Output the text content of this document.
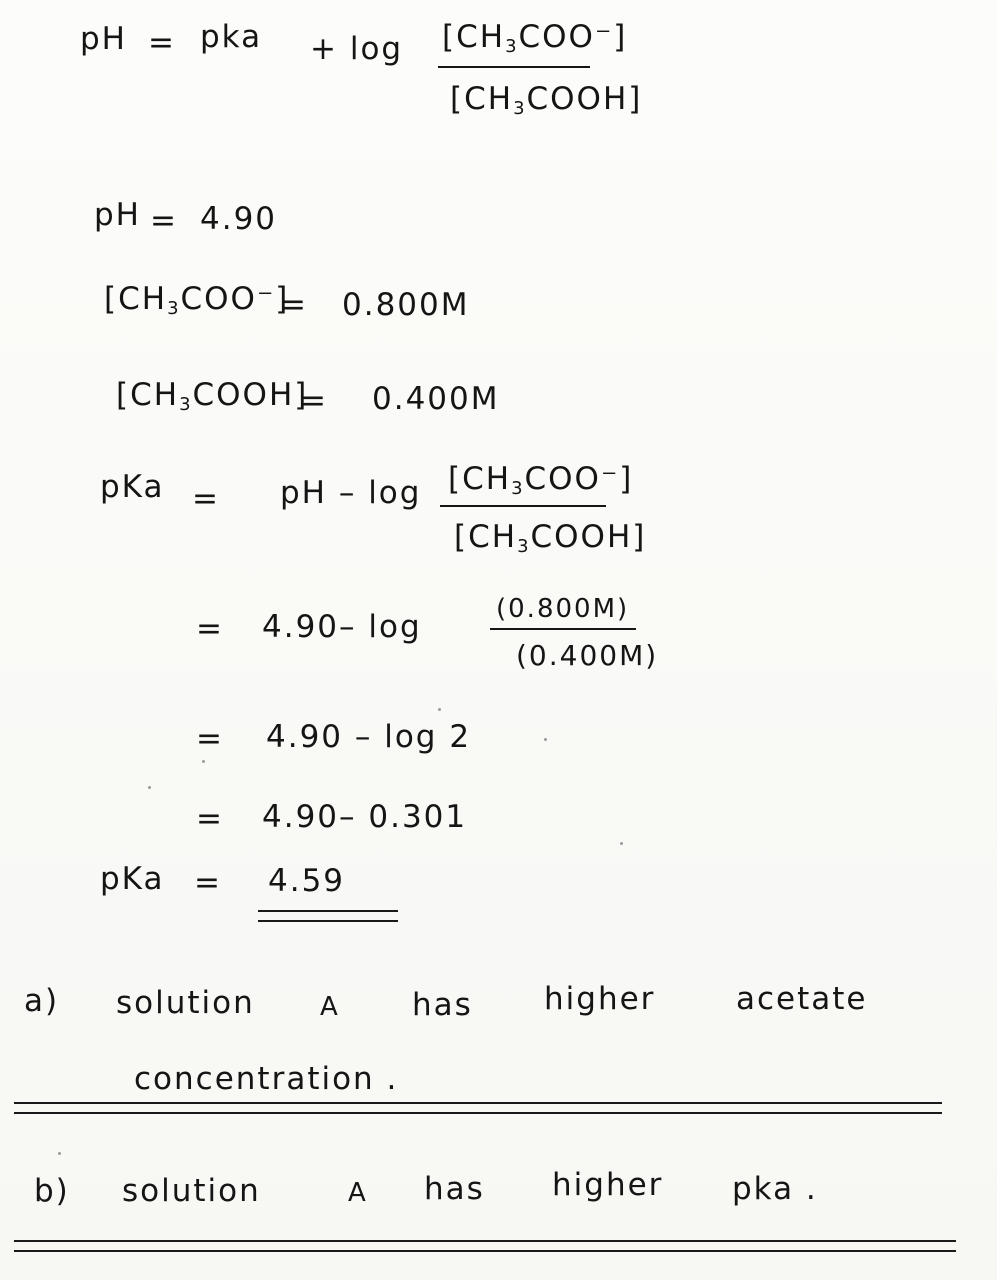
pH = pka + $\log [CH_3COO^-]$
$[CH_3COOH]$
pH = 4.90
$[CH_3COO^-]$
= 0.800M
$[CH_3COOH]$
= 0.400M
pKa = pH – $\log [CH_3COO^-]$
$[CH_3COOH]$
= 4.90– log	(0.800M)
(0.400M)
= 4.90 – log 2
= 4.90– 0.301
pKa = 4.59
a) solution	A has higher	acetate
concentration .
b) solution	A has higher pka .
